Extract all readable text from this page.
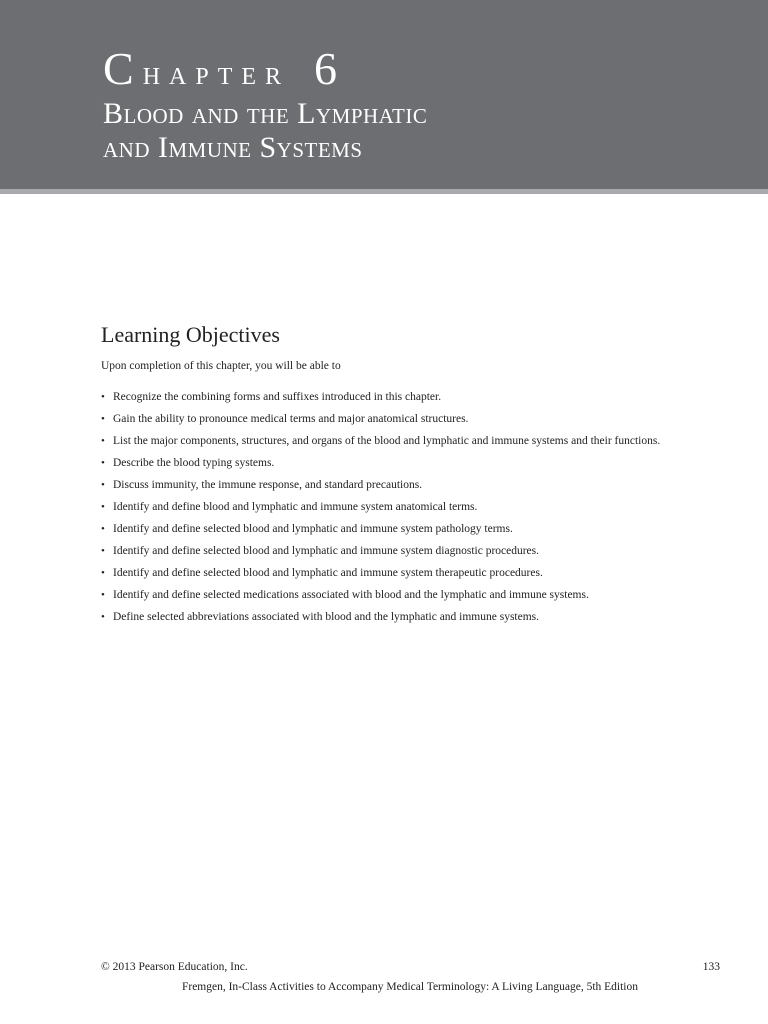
Chapter 6

Blood and the Lymphatic
and Immune Systems
Learning Objectives

Upon completion of this chapter, you will be able to

• Recognize the combining forms and suffixes introduced in this chapter.
• Gain the ability to pronounce medical terms and major anatomical structures.
• List the major components, structures, and organs of the blood and lymphatic and immune systems and their functions.
• Describe the blood typing systems.
• Discuss immunity, the immune response, and standard precautions.
• Identify and define blood and lymphatic and immune system anatomical terms.
• Identify and define selected blood and lymphatic and immune system pathology terms.
• Identify and define selected blood and lymphatic and immune system diagnostic procedures.
• Identify and define selected blood and lymphatic and immune system therapeutic procedures.
• Identify and define selected medications associated with blood and the lymphatic and immune systems.
• Define selected abbreviations associated with blood and the lymphatic and immune systems.

© 2013 Pearson Education, Inc.	133

Fremgen, In-Class Activities to Accompany Medical Terminology: A Living Language, 5th Edition
